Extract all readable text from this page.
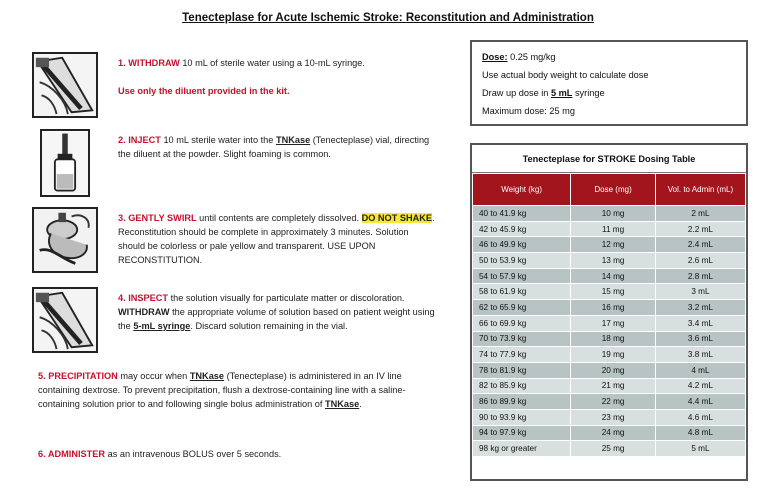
Tenecteplase for Acute Ischemic Stroke: Reconstitution and Administration
1. WITHDRAW 10 mL of sterile water using a 10-mL syringe.

Use only the diluent provided in the kit.
2. INJECT 10 mL sterile water into the TNKase (Tenecteplase) vial, directing the diluent at the powder. Slight foaming is common.
3. GENTLY SWIRL until contents are completely dissolved. DO NOT SHAKE. Reconstitution should be complete in approximately 3 minutes. Solution should be colorless or pale yellow and transparent. USE UPON RECONSTITUTION.
4. INSPECT the solution visually for particulate matter or discoloration. WITHDRAW the appropriate volume of solution based on patient weight using the 5-mL syringe. Discard solution remaining in the vial.
5. PRECIPITATION may occur when TNKase (Tenecteplase) is administered in an IV line containing dextrose. To prevent precipitation, flush a dextrose-containing line with a saline-containing solution prior to and following single bolus administration of TNKase.
6. ADMINISTER as an intravenous BOLUS over 5 seconds.
Dose: 0.25 mg/kg
Use actual body weight to calculate dose
Draw up dose in 5 mL syringe
Maximum dose: 25 mg
Tenecteplase for STROKE Dosing Table
Weight (kg)	Dose (mg)	Vol. to Admin (mL)
40 to 41.9 kg	10 mg	2 mL
42 to 45.9 kg	11 mg	2.2 mL
46 to 49.9 kg	12 mg	2.4 mL
50 to 53.9 kg	13 mg	2.6 mL
54 to 57.9 kg	14 mg	2.8 mL
58 to 61.9 kg	15 mg	3 mL
62 to 65.9 kg	16 mg	3.2 mL
66 to 69.9 kg	17 mg	3.4 mL
70 to 73.9 kg	18 mg	3.6 mL
74 to 77.9 kg	19 mg	3.8 mL
78 to 81.9 kg	20 mg	4 mL
82 to 85.9 kg	21 mg	4.2 mL
86 to 89.9 kg	22 mg	4.4 mL
90 to 93.9 kg	23 mg	4.6 mL
94 to 97.9 kg	24 mg	4.8 mL
98 kg or greater	25 mg	5 mL
